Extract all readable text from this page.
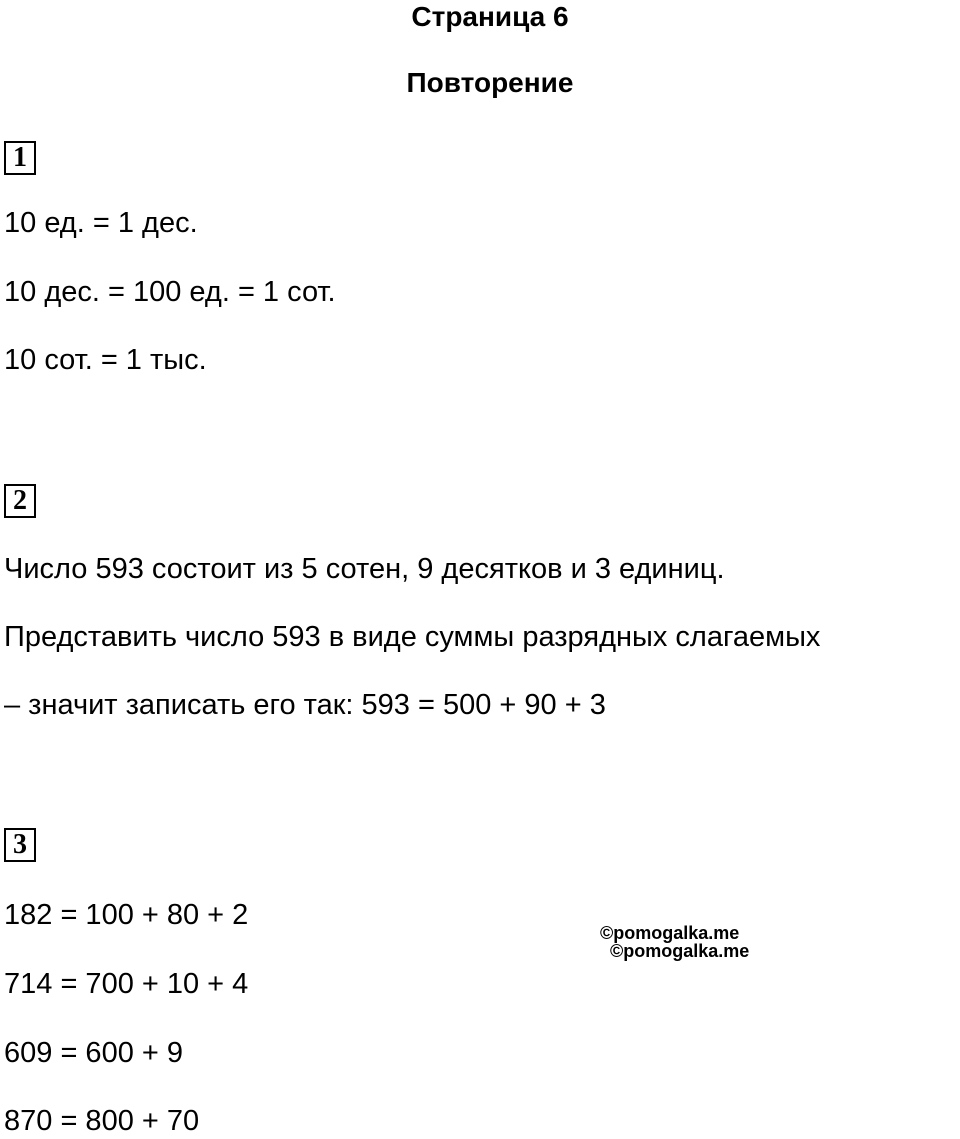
Страница 6
Повторение
1
10 ед. = 1 дес.
10 дес. = 100 ед. = 1 сот.
10 сот. = 1 тыс.
2
Число 593 состоит из 5 сотен, 9 десятков и 3 единиц.
Представить число 593 в виде суммы разрядных слагаемых
– значит записать его так: 593 = 500 + 90 + 3
3
182 = 100 + 80 + 2
714 = 700 + 10 + 4
609 = 600 + 9
870 = 800 + 70
©pomogalka.me
©pomogalka.me
